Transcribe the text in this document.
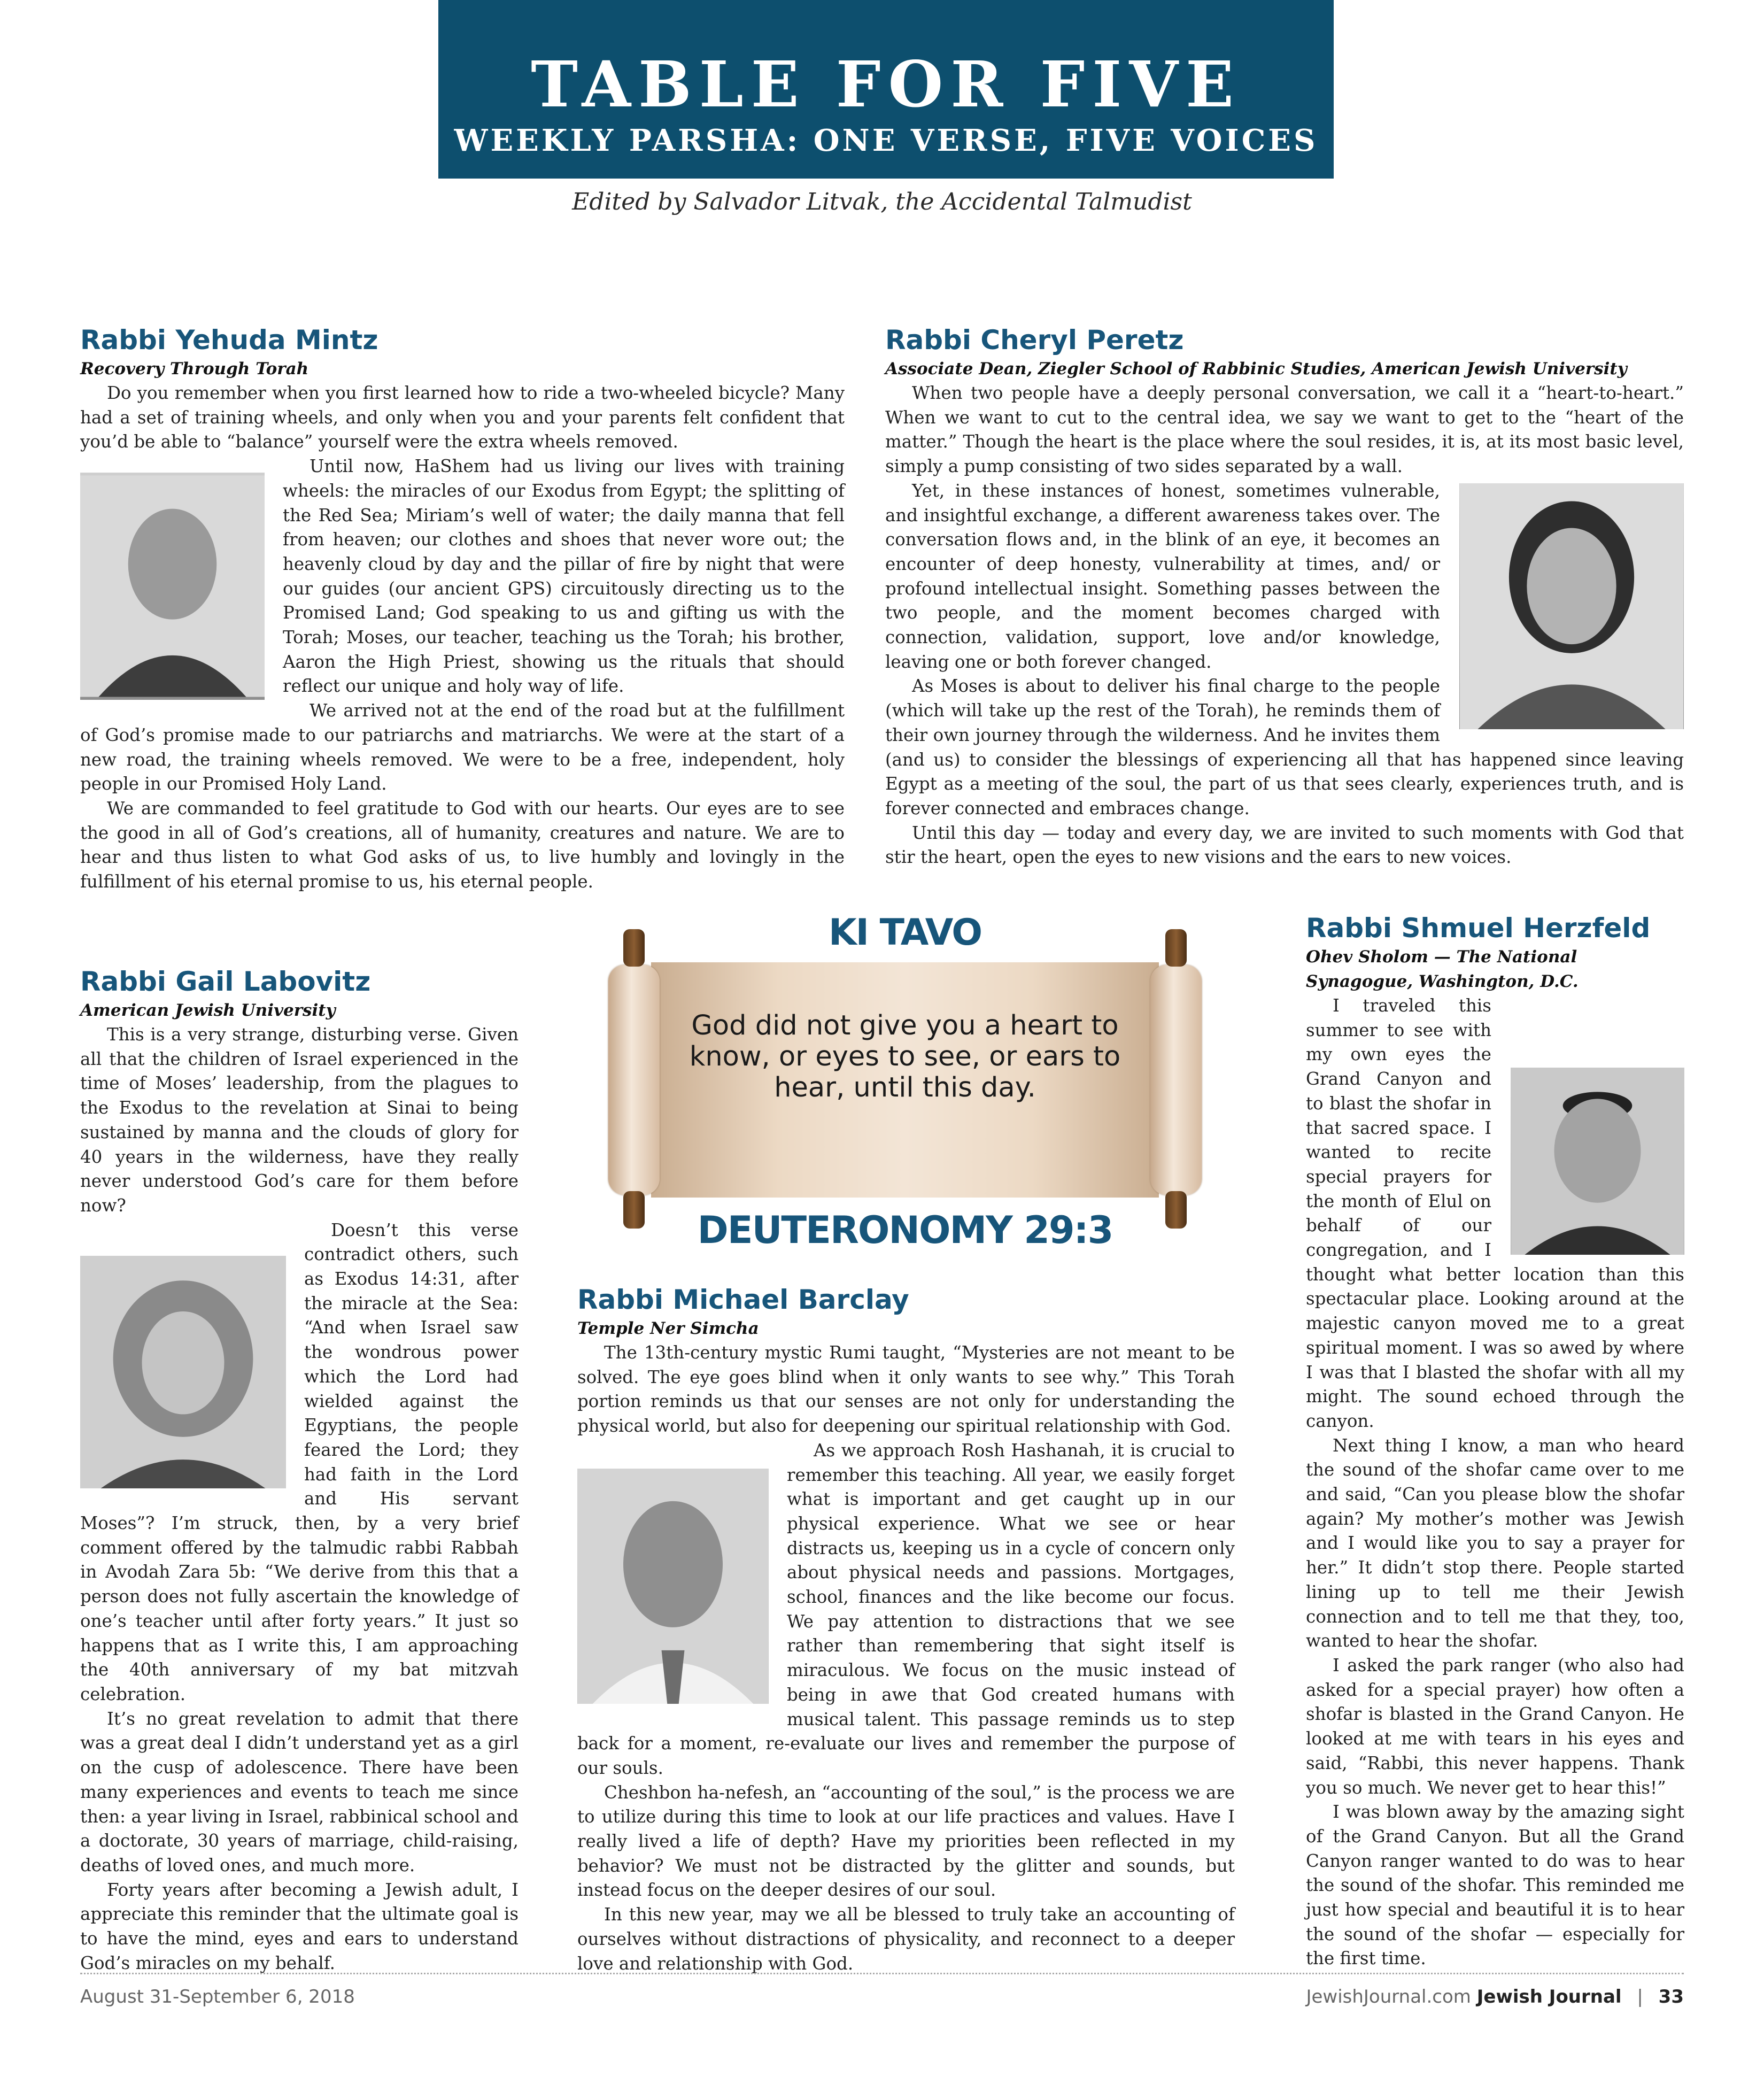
TABLE FOR FIVE
WEEKLY PARSHA: ONE VERSE, FIVE VOICES
Edited by Salvador Litvak, the Accidental Talmudist
Rabbi Yehuda Mintz
Recovery Through Torah

Do you remember when you first learned how to ride a two-wheeled bicycle? Many had a set of training wheels, and only when you and your parents felt confident that you’d be able to “balance” yourself were the extra wheels removed.

Until now, HaShem had us living our lives with training wheels: the miracles of our Exodus from Egypt; the splitting of the Red Sea; Miriam’s well of water; the daily manna that fell from heaven; our clothes and shoes that never wore out; the heavenly cloud by day and the pillar of fire by night that were our guides (our ancient GPS) circuitously directing us to the Promised Land; God speaking to us and gifting us with the Torah; Moses, our teacher, teaching us the Torah; his brother, Aaron the High Priest, showing us the rituals that should reflect our unique and holy way of life.

We arrived not at the end of the road but at the fulfillment of God’s promise made to our patriarchs and matriarchs. We were at the start of a new road, the training wheels removed. We were to be a free, independent, holy people in our Promised Holy Land.

We are commanded to feel gratitude to God with our hearts. Our eyes are to see the good in all of God’s creations, all of humanity, creatures and nature. We are to hear and thus listen to what God asks of us, to live humbly and lovingly in the fulfillment of his eternal promise to us, his eternal people.

Rabbi Cheryl Peretz
Associate Dean, Ziegler School of Rabbinic Studies, American Jewish University

When two people have a deeply personal conversation, we call it a “heart-to-heart.” When we want to cut to the central idea, we say we want to get to the “heart of the matter.” Though the heart is the place where the soul resides, it is, at its most basic level, simply a pump consisting of two sides separated by a wall.

Yet, in these instances of honest, sometimes vulnerable, and insightful exchange, a different awareness takes over. The conversation flows and, in the blink of an eye, it becomes an encounter of deep honesty, vulnerability at times, and/ or profound intellectual insight. Something passes between the two people, and the moment becomes charged with connection, validation, support, love and/or knowledge, leaving one or both forever changed.

As Moses is about to deliver his final charge to the people (which will take up the rest of the Torah), he reminds them of their own journey through the wilderness. And he invites them (and us) to consider the blessings of experiencing all that has happened since leaving Egypt as a meeting of the soul, the part of us that sees clearly, experiences truth, and is forever connected and embraces change.

Until this day — today and every day, we are invited to such moments with God that stir the heart, open the eyes to new visions and the ears to new voices.

Rabbi Gail Labovitz
American Jewish University

This is a very strange, disturbing verse. Given all that the children of Israel experienced in the time of Moses’ leadership, from the plagues to the Exodus to the revelation at Sinai to being sustained by manna and the clouds of glory for 40 years in the wilderness, have they really never understood God’s care for them before now?

Doesn’t this verse contradict others, such as Exodus 14:31, after the miracle at the Sea: “And when Israel saw the wondrous power which the Lord had wielded against the Egyptians, the people feared the Lord; they had faith in the Lord and His servant Moses”? I’m struck, then, by a very brief comment offered by the talmudic rabbi Rabbah in Avodah Zara 5b: “We derive from this that a person does not fully ascertain the knowledge of one’s teacher until after forty years.” It just so happens that as I write this, I am approaching the 40th anniversary of my bat mitzvah celebration.

It’s no great revelation to admit that there was a great deal I didn’t understand yet as a girl on the cusp of adolescence. There have been many experiences and events to teach me since then: a year living in Israel, rabbinical school and a doctorate, 30 years of marriage, child-raising, deaths of loved ones, and much more.

Forty years after becoming a Jewish adult, I appreciate this reminder that the ultimate goal is to have the mind, eyes and ears to understand God’s miracles on my behalf.

KI TAVO
God did not give you a heart to know, or eyes to see, or ears to hear, until this day.
DEUTERONOMY 29:3
Rabbi Michael Barclay
Temple Ner Simcha

The 13th-century mystic Rumi taught, “Mysteries are not meant to be solved. The eye goes blind when it only wants to see why.” This Torah portion reminds us that our senses are not only for understanding the physical world, but also for deepening our spiritual relationship with God.

As we approach Rosh Hashanah, it is crucial to remember this teaching. All year, we easily forget what is important and get caught up in our physical experience. What we see or hear distracts us, keeping us in a cycle of concern only about physical needs and passions. Mortgages, school, finances and the like become our focus. We pay attention to distractions that we see rather than remembering that sight itself is miraculous. We focus on the music instead of being in awe that God created humans with musical talent. This passage reminds us to step back for a moment, re-evaluate our lives and remember the purpose of our souls.

Cheshbon ha-nefesh, an “accounting of the soul,” is the process we are to utilize during this time to look at our life practices and values. Have I really lived a life of depth? Have my priorities been reflected in my behavior? We must not be distracted by the glitter and sounds, but instead focus on the deeper desires of our soul.

In this new year, may we all be blessed to truly take an accounting of ourselves without distractions of physicality, and reconnect to a deeper love and relationship with God.

Rabbi Shmuel Herzfeld
Ohev Sholom — The National Synagogue, Washington, D.C.

I traveled this summer to see with my own eyes the Grand Canyon and to blast the shofar in that sacred space. I wanted to recite special prayers for the month of Elul on behalf of our congregation, and I thought what better location than this spectacular place. Looking around at the majestic canyon moved me to a great spiritual moment. I was so awed by where I was that I blasted the shofar with all my might. The sound echoed through the canyon.

Next thing I know, a man who heard the sound of the shofar came over to me and said, “Can you please blow the shofar again? My mother’s mother was Jewish and I would like you to say a prayer for her.” It didn’t stop there. People started lining up to tell me their Jewish connection and to tell me that they, too, wanted to hear the shofar.

I asked the park ranger (who also had asked for a special prayer) how often a shofar is blasted in the Grand Canyon. He looked at me with tears in his eyes and said, “Rabbi, this never happens. Thank you so much. We never get to hear this!”

I was blown away by the amazing sight of the Grand Canyon. But all the Grand Canyon ranger wanted to do was to hear the sound of the shofar. This reminded me just how special and beautiful it is to hear the sound of the shofar — especially for the first time.

August 31-September 6, 2018	JewishJournal.com Jewish Journal | 33
